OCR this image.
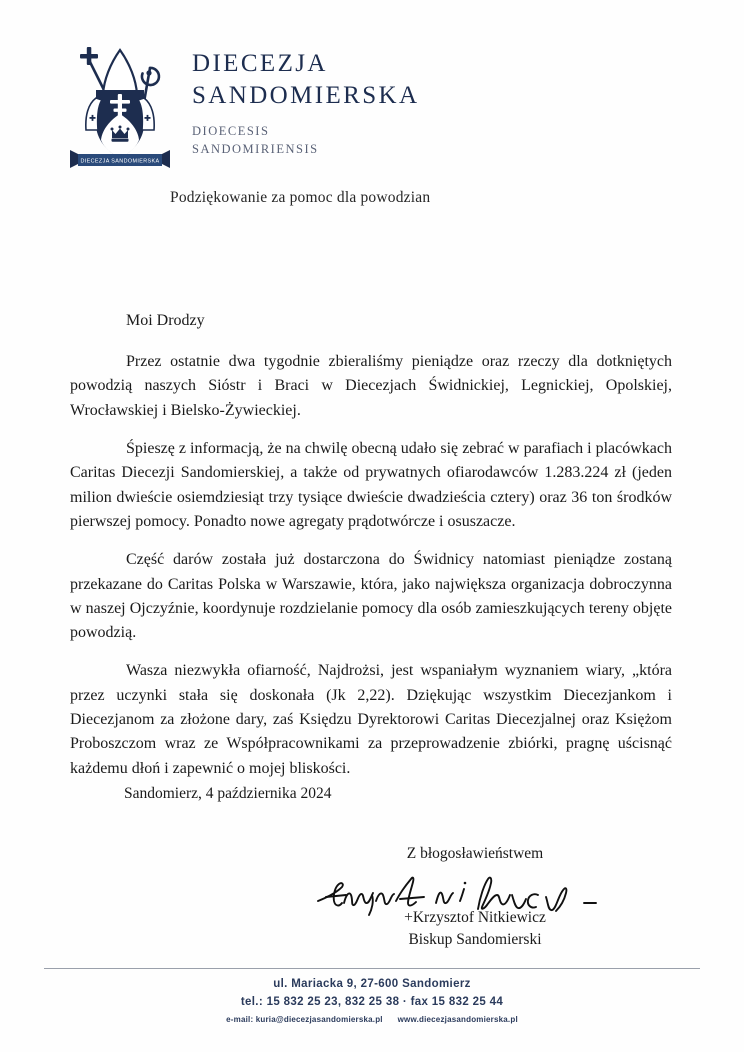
DIECEZJA SANDOMIERSKA
DIECEZJA
SANDOMIERSKA
DIOECESIS
SANDOMIRIENSIS
Podziękowanie za pomoc dla powodzian

Moi Drodzy

Przez ostatnie dwa tygodnie zbieraliśmy pieniądze oraz rzeczy dla dotkniętych powodzią naszych Sióstr i Braci w Diecezjach Świdnickiej, Legnickiej, Opolskiej, Wrocławskiej i Bielsko-Żywieckiej.

Śpieszę z informacją, że na chwilę obecną udało się zebrać w parafiach i placówkach Caritas Diecezji Sandomierskiej, a także od prywatnych ofiarodawców 1.283.224 zł (jeden milion dwieście osiemdziesiąt trzy tysiące dwieście dwadzieścia cztery) oraz 36 ton środków pierwszej pomocy. Ponadto nowe agregaty prądotwórcze i osuszacze.

Część darów została już dostarczona do Świdnicy natomiast pieniądze zostaną przekazane do Caritas Polska w Warszawie, która, jako największa organizacja dobroczynna w naszej Ojczyźnie, koordynuje rozdzielanie pomocy dla osób zamieszkujących tereny objęte powodzią.

Wasza niezwykła ofiarność, Najdrożsi, jest wspaniałym wyznaniem wiary, „która przez uczynki stała się doskonała (Jk 2,22). Dziękując wszystkim Diecezjankom i Diecezjanom za złożone dary, zaś Księdzu Dyrektorowi Caritas Diecezjalnej oraz Księżom Proboszczom wraz ze Współpracownikami za przeprowadzenie zbiórki, pragnę uścisnąć każdemu dłoń i zapewnić o mojej bliskości.

Sandomierz, 4 października 2024
Z błogosławieństwem
+Krzysztof Nitkiewicz
Biskup Sandomierski
ul. Mariacka 9, 27-600 Sandomierz
tel.: 15 832 25 23, 832 25 38 · fax 15 832 25 44
e-mail: kuria@diecezjasandomierska.pl www.diecezjasandomierska.pl
